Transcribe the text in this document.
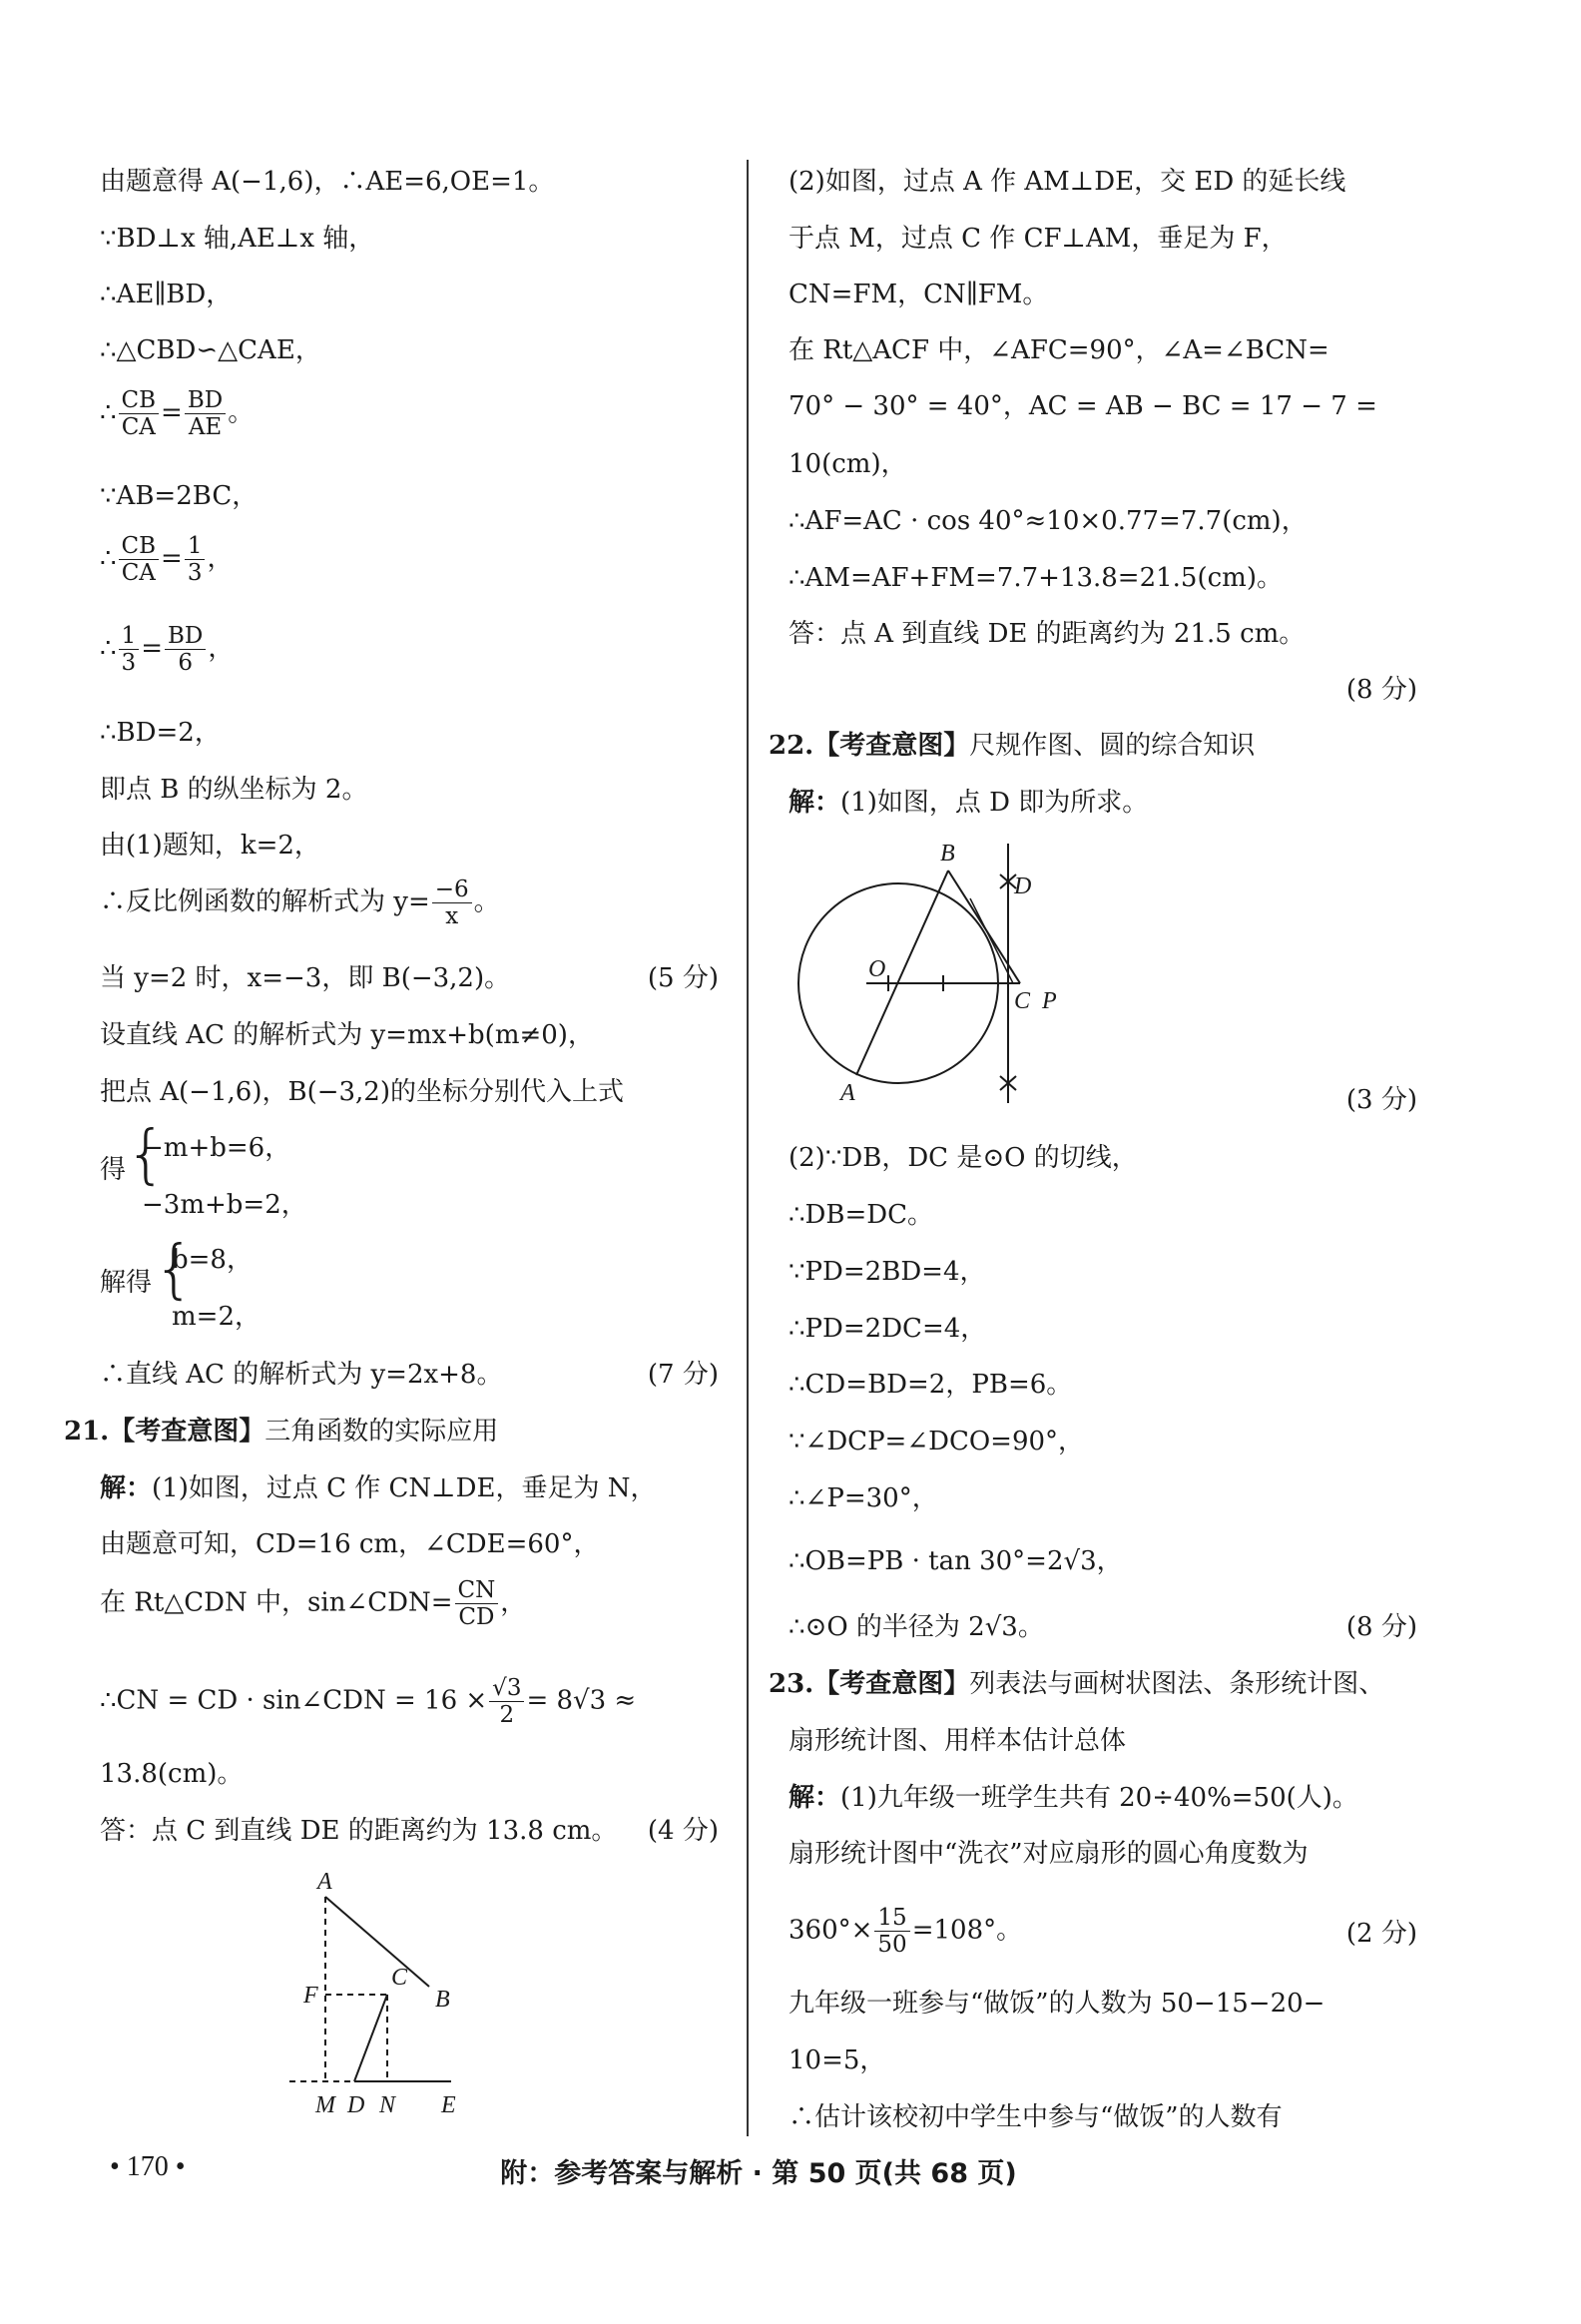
由题意得 A(−1,6)，∴AE=6,OE=1。
∵BD⊥x 轴,AE⊥x 轴，
∴AE∥BD，
∴△CBD∽△CAE，
∴ $\frac{CB}{CA} = \frac{BD}{AE}$ 。
∵AB=2BC，
∴ $\frac{CB}{CA} = \frac{1}{3}$ ，
∴ $\frac{1}{3} = \frac{BD}{6}$ ，
∴BD=2，
即点 B 的纵坐标为 2。
由(1)题知，k=2，
∴反比例函数的解析式为 $y= \frac{-6}{x}$ 。
当 y=2 时，x=−3，即 B(−3,2)。	(5 分)
设直线 AC 的解析式为 y=mx+b(m≠0)，
把点 A(−1,6)，B(−3,2)的坐标分别代入上式
得 {
−m+b=6，
−3m+b=2，
解得 {
b=8，
m=2，
∴直线 AC 的解析式为 y=2x+8。	(7 分)
21.【考查意图】三角函数的实际应用
解：(1)如图，过点 C 作 CN⊥DE，垂足为 N，
由题意可知，CD=16 cm，∠CDE=60°，
在 Rt△CDN 中，sin∠CDN= $\frac{CN}{CD}$ ，
∴CN = CD · sin∠CDN = $16 \times \frac{√3}{2} = 8√3$ ≈
13.8(cm)。
答：点 C 到直线 DE 的距离约为 13.8 cm。 (4 分)
A
F
C
B
M D N E
(2)如图，过点 A 作 AM⊥DE，交 ED 的延长线
于点 M，过点 C 作 CF⊥AM，垂足为 F，
CN=FM，CN∥FM。
在 Rt△ACF 中，∠AFC=90°，∠A=∠BCN=
70° − 30° = 40°，AC = AB − BC = 17 − 7 =
10(cm)，
∴AF=AC · cos 40°≈10×0.77=7.7(cm)，
∴AM=AF+FM=7.7+13.8=21.5(cm)。
答：点 A 到直线 DE 的距离约为 21.5 cm。
(8 分)
22.【考查意图】尺规作图、圆的综合知识
解：(1)如图，点 D 即为所求。
B
D
O
C P
A	(3 分)
(2)∵DB，DC 是⊙O 的切线，
∴DB=DC。
∵PD=2BD=4，
∴PD=2DC=4，
∴CD=BD=2，PB=6。
∵∠DCP=∠DCO=90°，
∴∠P=30°，
∴OB=PB · tan 30°=2√3，
∴⊙O 的半径为 2√3。	(8 分)
23.【考查意图】列表法与画树状图法、条形统计图、
扇形统计图、用样本估计总体
解：(1)九年级一班学生共有 20÷40%=50(人)。
扇形统计图中“洗衣”对应扇形的圆心角度数为
$360^\circ\times \frac{15}{50} =108^\circ$。	(2 分)
九年级一班参与“做饭”的人数为 50−15−20−
10=5，
∴估计该校初中学生中参与“做饭”的人数有
• 170 •	附：参考答案与解析 · 第 50 页(共 68 页)
